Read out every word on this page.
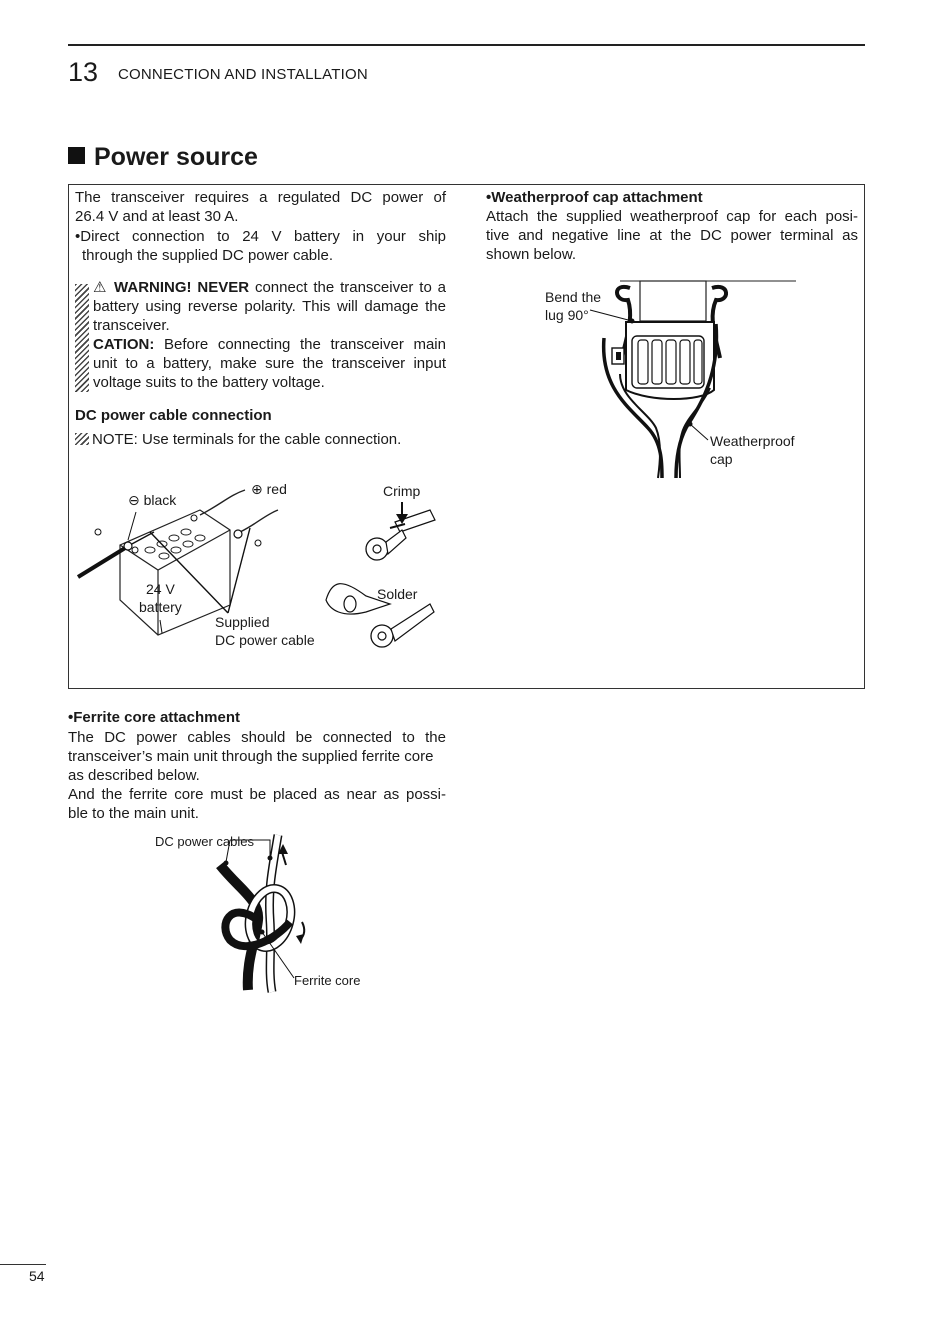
13 CONNECTION AND INSTALLATION
Power source
The transceiver requires a regulated DC power of
26.4 V and at least 30 A.
•Direct connection to 24 V battery in your ship
through the supplied DC power cable.
⚠ WARNING! NEVER connect the transceiver to a
battery using reverse polarity. This will damage the
transceiver.
CATION: Before connecting the transceiver main
unit to a battery, make sure the transceiver input
voltage suits to the battery voltage.
DC power cable connection
NOTE: Use terminals for the cable connection.
⊖ black
⊕ red
24 V
battery
Supplied
DC power cable
Crimp
Solder
•Weatherproof cap attachment
Attach the supplied weatherproof cap for each posi-
tive and negative line at the DC power terminal as
shown below.
Bend the
lug 90°
Weatherproof
cap
•Ferrite core attachment
The DC power cables should be connected to the
transceiver’s main unit through the supplied ferrite core
as described below.
And the ferrite core must be placed as near as possi-
ble to the main unit.
DC power cables
Ferrite core
54
